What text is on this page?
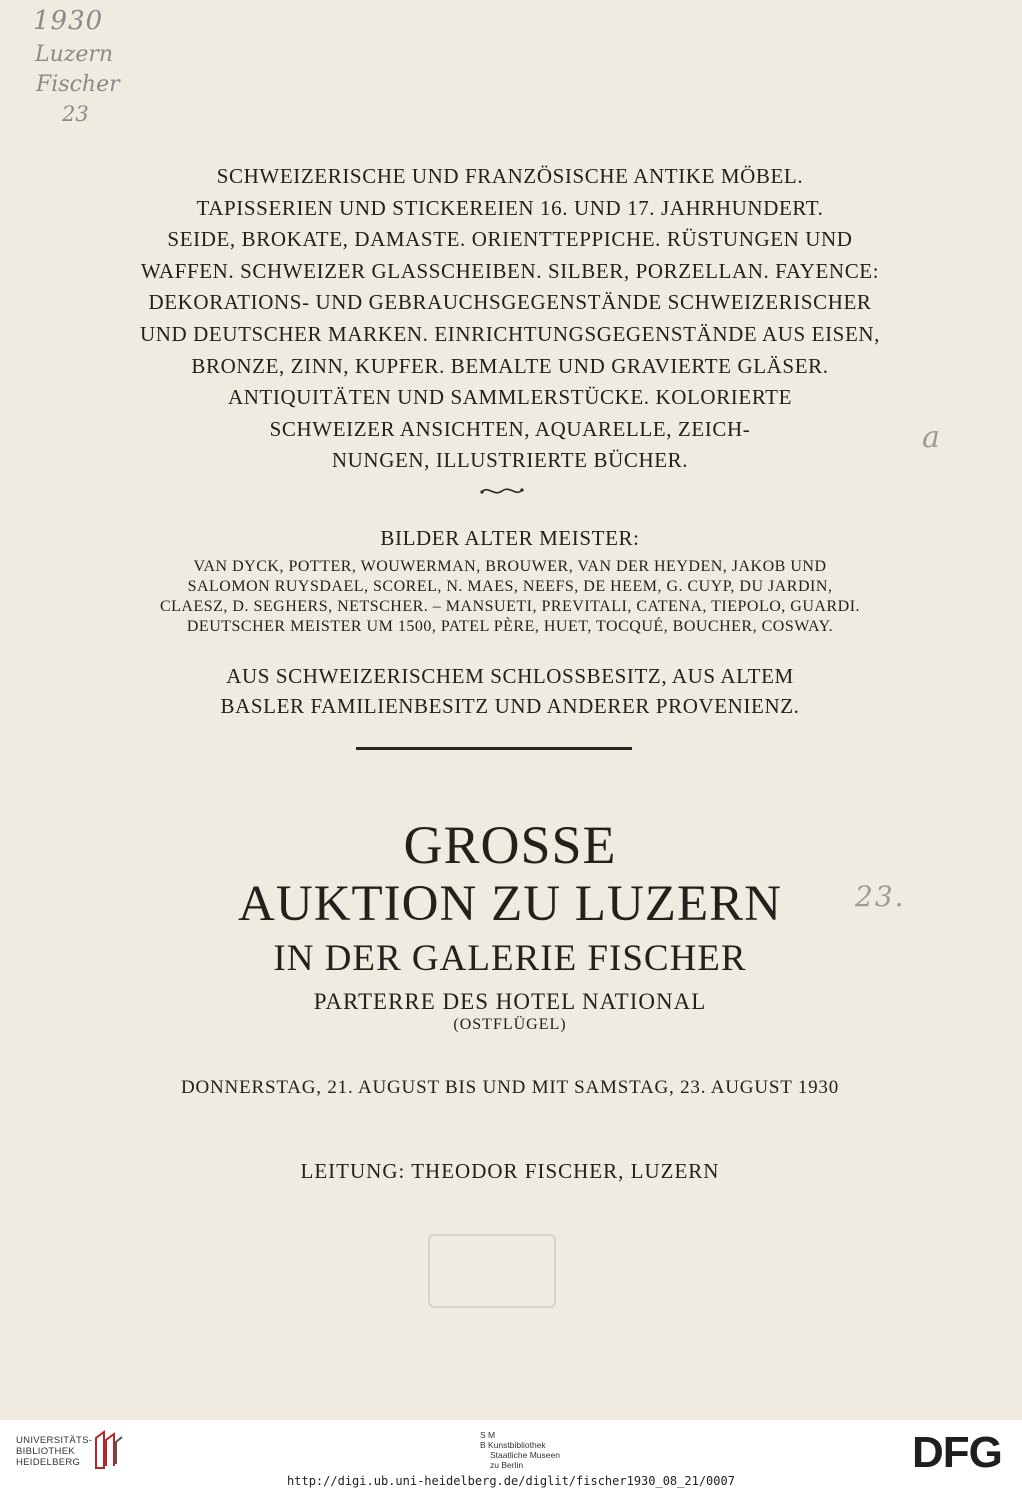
1930
Luzern
Fischer
23
a
23.
SCHWEIZERISCHE UND FRANZÖSISCHE ANTIKE MÖBEL.
TAPISSERIEN UND STICKEREIEN 16. UND 17. JAHRHUNDERT.
SEIDE, BROKATE, DAMASTE. ORIENTTEPPICHE. RÜSTUNGEN UND
WAFFEN. SCHWEIZER GLASSCHEIBEN. SILBER, PORZELLAN. FAYENCE:
DEKORATIONS- UND GEBRAUCHSGEGENSTÄNDE SCHWEIZERISCHER
UND DEUTSCHER MARKEN. EINRICHTUNGSGEGENSTÄNDE AUS EISEN,
BRONZE, ZINN, KUPFER. BEMALTE UND GRAVIERTE GLÄSER.
ANTIQUITÄTEN UND SAMMLERSTÜCKE. KOLORIERTE
SCHWEIZER ANSICHTEN, AQUARELLE, ZEICH-
NUNGEN, ILLUSTRIERTE BÜCHER.
BILDER ALTER MEISTER:
VAN DYCK, POTTER, WOUWERMAN, BROUWER, VAN DER HEYDEN, JAKOB UND
SALOMON RUYSDAEL, SCOREL, N. MAES, NEEFS, DE HEEM, G. CUYP, DU JARDIN,
CLAESZ, D. SEGHERS, NETSCHER. – MANSUETI, PREVITALI, CATENA, TIEPOLO, GUARDI.
DEUTSCHER MEISTER UM 1500, PATEL PÈRE, HUET, TOCQUÉ, BOUCHER, COSWAY.
AUS SCHWEIZERISCHEM SCHLOSSBESITZ, AUS ALTEM
BASLER FAMILIENBESITZ UND ANDERER PROVENIENZ.
GROSSE
AUKTION ZU LUZERN
IN DER GALERIE FISCHER
PARTERRE DES HOTEL NATIONAL
(OSTFLÜGEL)
DONNERSTAG, 21. AUGUST BIS UND MIT SAMSTAG, 23. AUGUST 1930
LEITUNG: THEODOR FISCHER, LUZERN
UNIVERSITÄTS-
BIBLIOTHEK
HEIDELBERG
S M
B Kunstbibliothek
Staatliche Museen
zu Berlin	DFG
http://digi.ub.uni-heidelberg.de/diglit/fischer1930_08_21/0007
